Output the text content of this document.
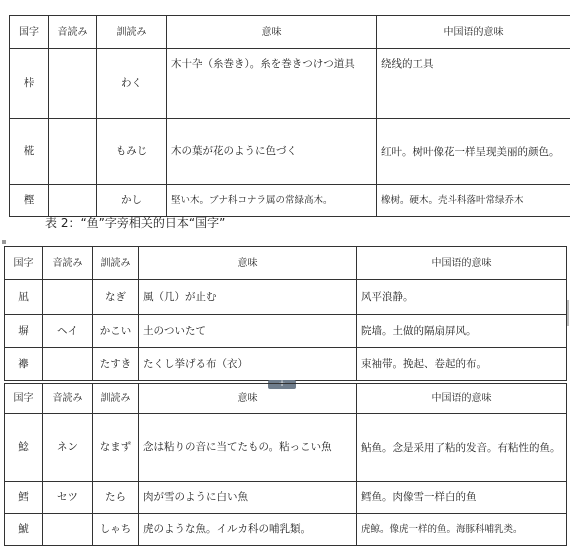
国字	音読み	訓読み	意味	中国语的意味
桛		わく	木十卆（糸巻き）。糸を巻きつけつ道具	绕线的工具
椛		もみじ	木の葉が花のように色づく	红叶。树叶像花一样呈现美丽的颜色。
樫		かし	堅い木。ブナ科コナラ属の常緑高木。	橡树。硬木。壳斗科落叶常绿乔木
表 2：“鱼”字旁相关的日本“国字”
国字	音読み	訓読み	意味	中国语的意味
凪		なぎ	風（几）が止む	风平浪静。
塀	ヘイ	かこい	土のついたて	院墙。土做的隔扇屏风。
襷		たすき	たくし挙げる布（衣）	束袖带。挽起、卷起的布。
+
国字	音読み	訓読み	意味	中国语的意味
鯰	ネン	なまず	念は粘りの音に当てたもの。粘っこい魚	鲇鱼。念是采用了粘的发音。有粘性的鱼。
鱈	セツ	たら	肉が雪のように白い魚	鳕鱼。肉像雪一样白的鱼
鯱		しゃち	虎のような魚。イルカ科の哺乳類。	虎鲸。像虎一样的鱼。海豚科哺乳类。
